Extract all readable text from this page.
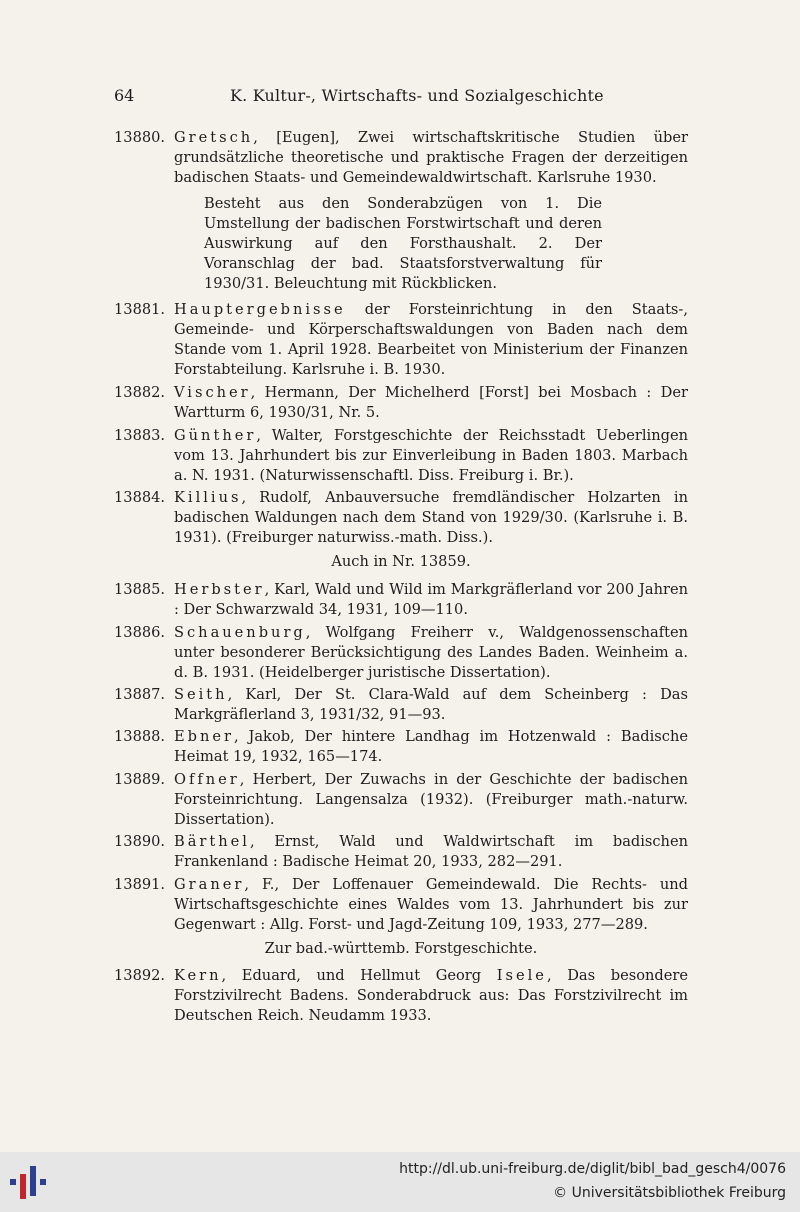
64	K. Kultur-, Wirtschafts- und Sozialgeschichte
13880. Gretsch, [Eugen], Zwei wirtschaftskritische Studien über grundsätzliche theoretische und praktische Fragen der derzeitigen badischen Staats- und Gemeindewaldwirtschaft. Karlsruhe 1930.
Besteht aus den Sonderabzügen von 1. Die Umstellung der badischen Forstwirtschaft und deren Auswirkung auf den Forsthaushalt. 2. Der Voranschlag der bad. Staatsforstverwaltung für 1930/31. Beleuchtung mit Rückblicken.
13881. Hauptergebnisse der Forsteinrichtung in den Staats-, Gemeinde- und Körperschaftswaldungen von Baden nach dem Stande vom 1. April 1928. Bearbeitet von Ministerium der Finanzen Forstabteilung. Karlsruhe i. B. 1930.
13882. Vischer, Hermann, Der Michelherd [Forst] bei Mosbach : Der Wartturm 6, 1930/31, Nr. 5.
13883. Günther, Walter, Forstgeschichte der Reichsstadt Ueberlingen vom 13. Jahrhundert bis zur Einverleibung in Baden 1803. Marbach a. N. 1931. (Naturwissenschaftl. Diss. Freiburg i. Br.).
13884. Killius, Rudolf, Anbauversuche fremdländischer Holzarten in badischen Waldungen nach dem Stand von 1929/30. (Karlsruhe i. B. 1931). (Freiburger naturwiss.-math. Diss.).
Auch in Nr. 13859.
13885. Herbster, Karl, Wald und Wild im Markgräflerland vor 200 Jahren : Der Schwarzwald 34, 1931, 109—110.
13886. Schauenburg, Wolfgang Freiherr v., Waldgenossenschaften unter besonderer Berücksichtigung des Landes Baden. Weinheim a. d. B. 1931. (Heidelberger juristische Dissertation).
13887. Seith, Karl, Der St. Clara-Wald auf dem Scheinberg : Das Markgräflerland 3, 1931/32, 91—93.
13888. Ebner, Jakob, Der hintere Landhag im Hotzenwald : Badische Heimat 19, 1932, 165—174.
13889. Offner, Herbert, Der Zuwachs in der Geschichte der badischen Forsteinrichtung. Langensalza (1932). (Freiburger math.-naturw. Dissertation).
13890. Bärthel, Ernst, Wald und Waldwirtschaft im badischen Frankenland : Badische Heimat 20, 1933, 282—291.
13891. Graner, F., Der Loffenauer Gemeindewald. Die Rechts- und Wirtschaftsgeschichte eines Waldes vom 13. Jahrhundert bis zur Gegenwart : Allg. Forst- und Jagd-Zeitung 109, 1933, 277—289.
Zur bad.-württemb. Forstgeschichte.
13892. Kern, Eduard, und Hellmut Georg Isele, Das besondere Forstzivilrecht Badens. Sonderabdruck aus: Das Forstzivilrecht im Deutschen Reich. Neudamm 1933.
http://dl.ub.uni-freiburg.de/diglit/bibl_bad_gesch4/0076
© Universitätsbibliothek Freiburg
